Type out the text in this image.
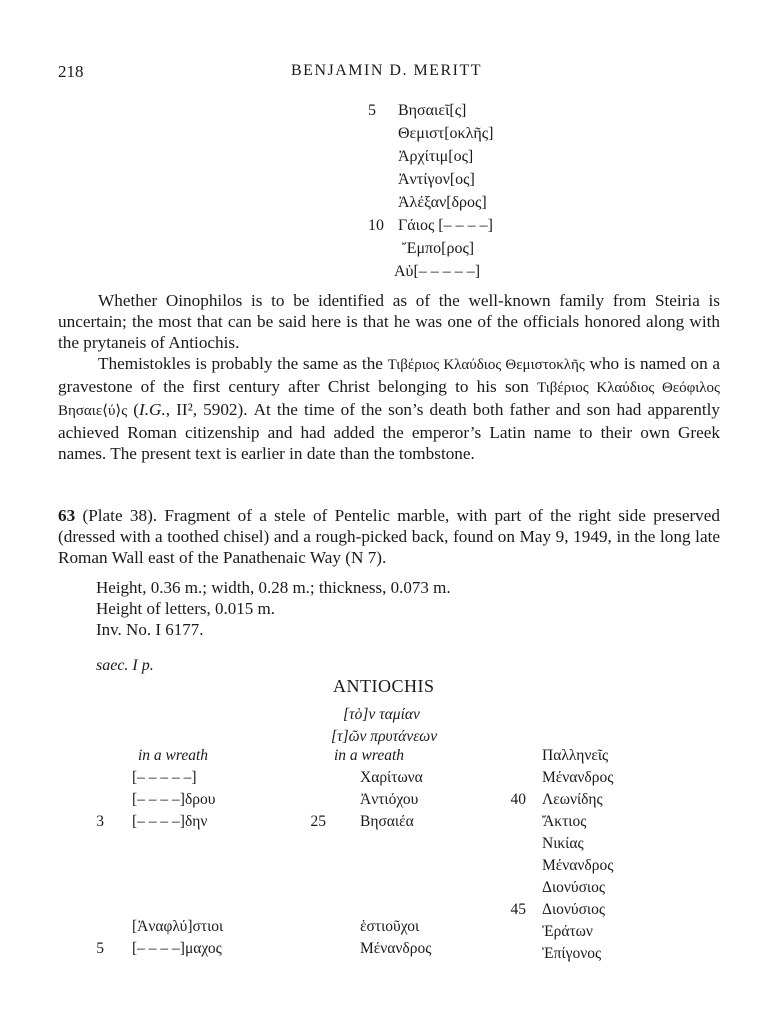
218	BENJAMIN D. MERITT
5	Βησαιεῖ[ς]
Θεμιστ[οκλῆς]
Ἀρχίτιμ[ος]
Ἀντίγον[ος]
Ἀλέξαν[δρος]
10 Γάιος [– – – –]
Ἔμπο[ρος]
Αὐ[– – – – –]

Whether Oinophilos is to be identified as of the well-known family from Steiria is uncertain; the most that can be said here is that he was one of the officials honored along with the prytaneis of Antiochis.

Themistokles is probably the same as the Τιβέριος Κλαύδιος Θεμιστοκλῆς who is named on a gravestone of the first century after Christ belonging to his son Τιβέριος Κλαύδιος Θεόφιλος Βησαιε⟨ύ⟩ς (I.G., II², 5902). At the time of the son’s death both father and son had apparently achieved Roman citizenship and had added the emperor’s Latin name to their own Greek names. The present text is earlier in date than the tombstone.

63 (Plate 38). Fragment of a stele of Pentelic marble, with part of the right side preserved (dressed with a toothed chisel) and a rough-picked back, found on May 9, 1949, in the long late Roman Wall east of the Panathenaic Way (N 7).

Height, 0.36 m.; width, 0.28 m.; thickness, 0.073 m.
Height of letters, 0.015 m.
Inv. No. I 6177.
saec. I p.
ANTIOCHIS
[τὸ]ν ταμίαν
[τ]ῶν πρυτάνεων
in a wreath
[– – – – –]
[– – – –]δρου
3 [– – – –]δην
[Ἀναφλύ]στιοι
5 [– – – –]μαχος
in a wreath
Χαρίτωνα
Ἀντιόχου
25 Βησαιέα
ἑστιοῦχοι
Μένανδρος
Παλληνεῖς
Μένανδρος
40 Λεωνίδης
Ἄκτιος
Νικίας
Μένανδρος
Διονύσιος
45 Διονύσιος
Ἐράτων
Ἐπίγονος
